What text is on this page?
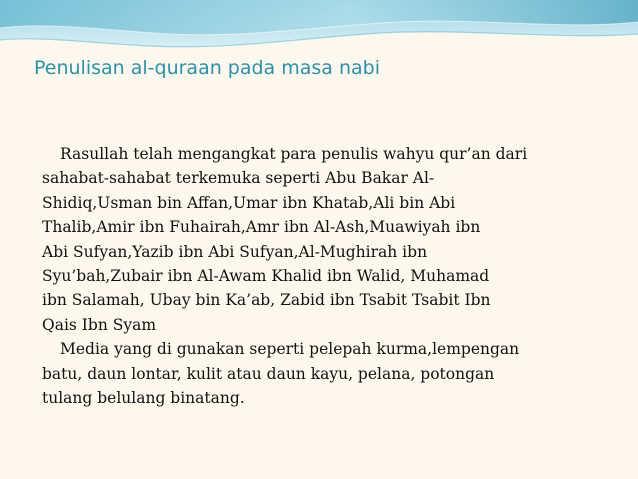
Penulisan al-quraan pada masa nabi

Rasullah telah mengangkat para penulis wahyu qur’an dari
sahabat-sahabat terkemuka seperti Abu Bakar Al-
Shidiq,Usman bin Affan,Umar ibn Khatab,Ali bin Abi
Thalib,Amir ibn Fuhairah,Amr ibn Al-Ash,Muawiyah ibn
Abi Sufyan,Yazib ibn Abi Sufyan,Al-Mughirah ibn
Syu’bah,Zubair ibn Al-Awam Khalid ibn Walid, Muhamad
ibn Salamah, Ubay bin Ka’ab, Zabid ibn Tsabit Tsabit Ibn
Qais Ibn Syam

Media yang di gunakan seperti pelepah kurma,lempengan
batu, daun lontar, kulit atau daun kayu, pelana, potongan
tulang belulang binatang.
